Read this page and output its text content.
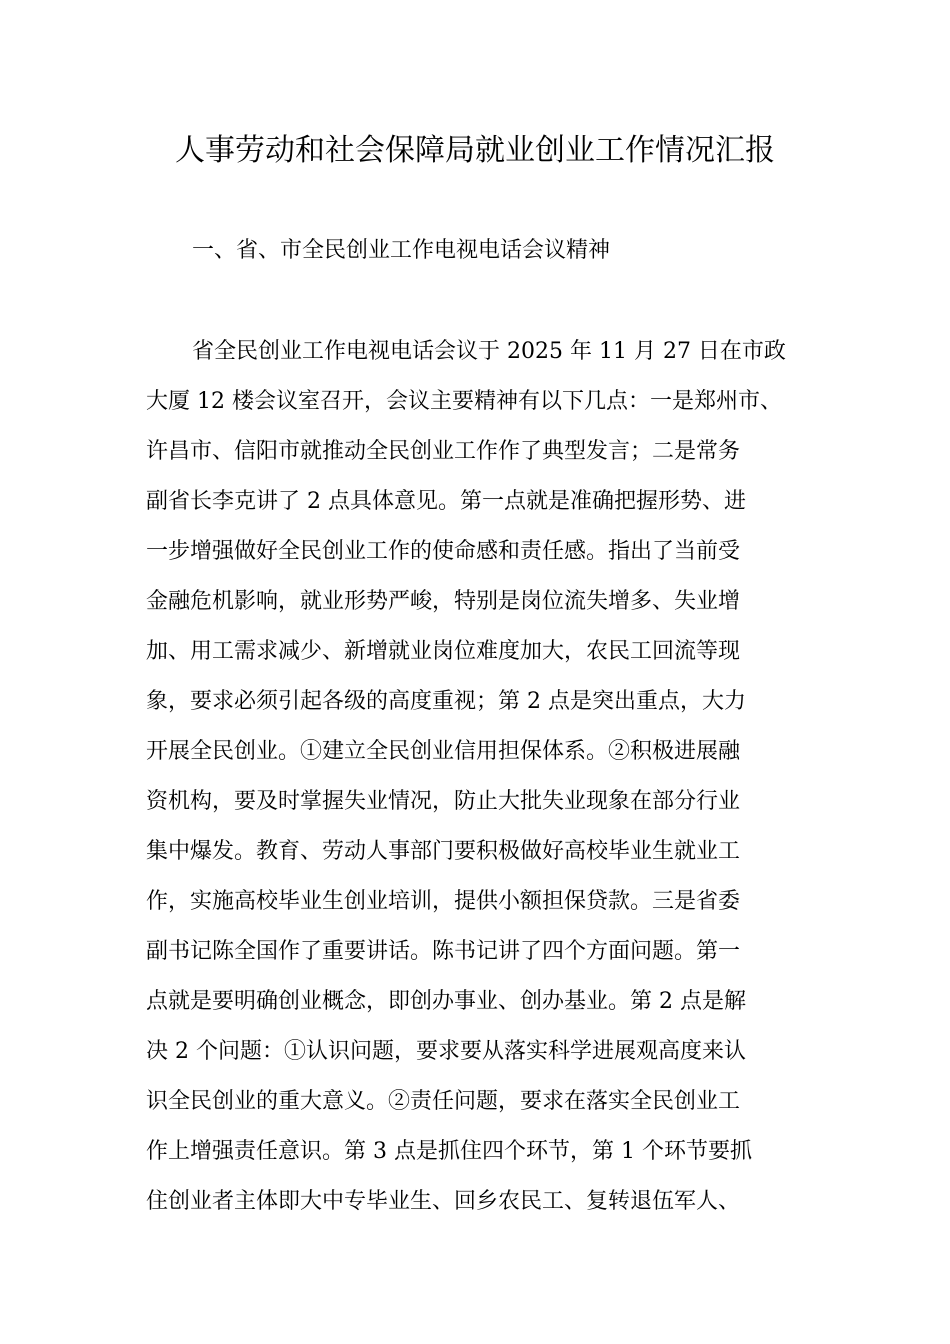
人事劳动和社会保障局就业创业工作情况汇报
一、省、市全民创业工作电视电话会议精神
省全民创业工作电视电话会议于 2025 年 11 月 27 日在市政
大厦 12 楼会议室召开，会议主要精神有以下几点：一是郑州市、
许昌市、信阳市就推动全民创业工作作了典型发言；二是常务
副省长李克讲了 2 点具体意见。第一点就是准确把握形势、进
一步增强做好全民创业工作的使命感和责任感。指出了当前受
金融危机影响，就业形势严峻，特别是岗位流失增多、失业增
加、用工需求减少、新增就业岗位难度加大，农民工回流等现
象，要求必须引起各级的高度重视；第 2 点是突出重点，大力
开展全民创业。①建立全民创业信用担保体系。②积极进展融
资机构，要及时掌握失业情况，防止大批失业现象在部分行业
集中爆发。教育、劳动人事部门要积极做好高校毕业生就业工
作，实施高校毕业生创业培训，提供小额担保贷款。三是省委
副书记陈全国作了重要讲话。陈书记讲了四个方面问题。第一
点就是要明确创业概念，即创办事业、创办基业。第 2 点是解
决 2 个问题：①认识问题，要求要从落实科学进展观高度来认
识全民创业的重大意义。②责任问题，要求在落实全民创业工
作上增强责任意识。第 3 点是抓住四个环节，第 1 个环节要抓
住创业者主体即大中专毕业生、回乡农民工、复转退伍军人、
